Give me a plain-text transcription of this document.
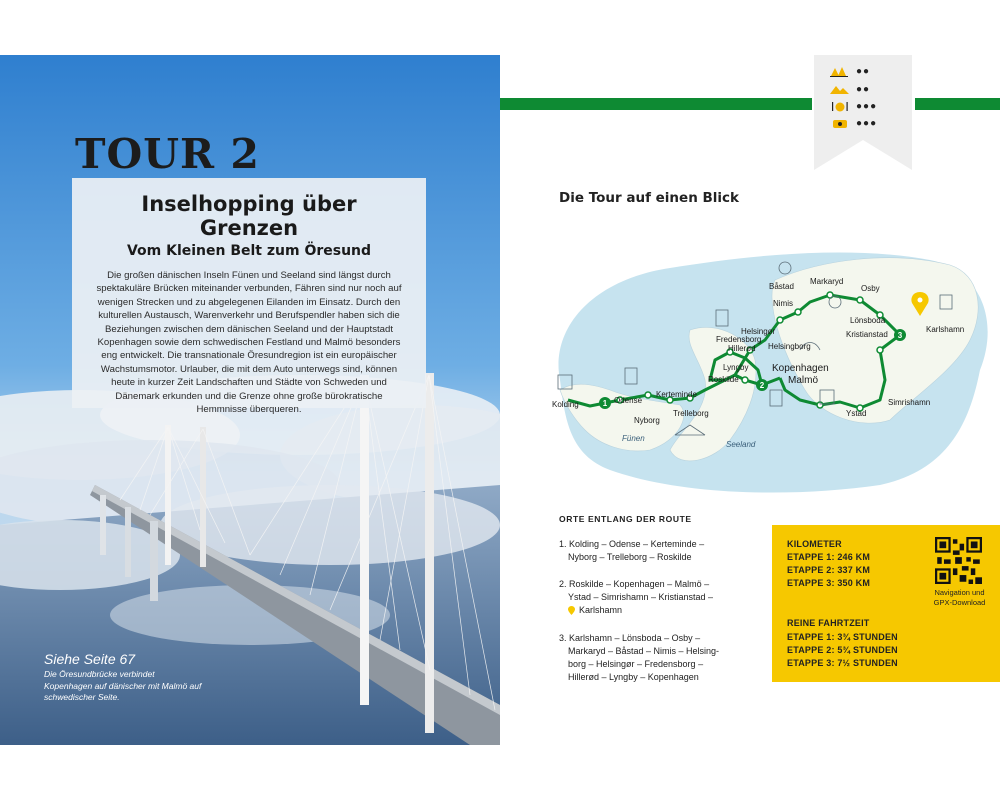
TOUR 2
Inselhopping über Grenzen
Vom Kleinen Belt zum Öresund
Die großen dänischen Inseln Fünen und Seeland sind längst durch spektakuläre Brücken miteinander verbunden, Fähren sind nur noch auf wenigen Strecken und zu abgelegenen Eilanden im Einsatz. Durch den kulturellen Austausch, Warenverkehr und Berufspendler haben sich die Beziehungen zwischen dem dänischen Seeland und der Hauptstadt Kopenhagen sowie dem schwedischen Festland und Malmö besonders eng entwickelt. Die transnationale Öresundregion ist ein europäischer Wachstumsmotor. Urlauber, die mit dem Auto unterwegs sind, können heute in kurzer Zeit Landschaften und Städte von Schweden und Dänemark erkunden und die Grenze ohne große bürokratische Hemmnisse überqueren.
Siehe Seite 67
Die Öresundbrücke verbindet Kopenhagen auf dänischer mit Malmö auf schwedischer Seite.
●●
●●
●●●
●●●
Die Tour auf einen Blick
1
2
3
Kolding	Odense
Kerteminde
Nyborg
Trelleborg
Roskilde
Lyngby
Hillerød
Fredensborg
Helsingør
Helsingborg
Nimis
Båstad
Markaryd
Osby
Lönsboda
Kristianstad
Karlshamn
Kopenhagen
Malmö
Ystad
Simrishamn
Fünen
Seeland
ORTE ENTLANG DER ROUTE
1. Kolding – Odense – Kerteminde –
Nyborg – Trelleborg – Roskilde
2. Roskilde – Kopenhagen – Malmö –
Ystad – Simrishamn – Kristianstad –
Karlshamn
3. Karlshamn – Lönsboda – Osby –
Markaryd – Båstad – Nimis – Helsing-
borg – Helsingør – Fredensborg –
Hillerød – Lyngby – Kopenhagen
KILOMETER
ETAPPE 1: 246 KM
ETAPPE 2: 337 KM
ETAPPE 3: 350 KM
REINE FAHRTZEIT
ETAPPE 1: 3¾ STUNDEN
ETAPPE 2: 5¾ STUNDEN
ETAPPE 3: 7½ STUNDEN
Navigation und
GPX-Download
